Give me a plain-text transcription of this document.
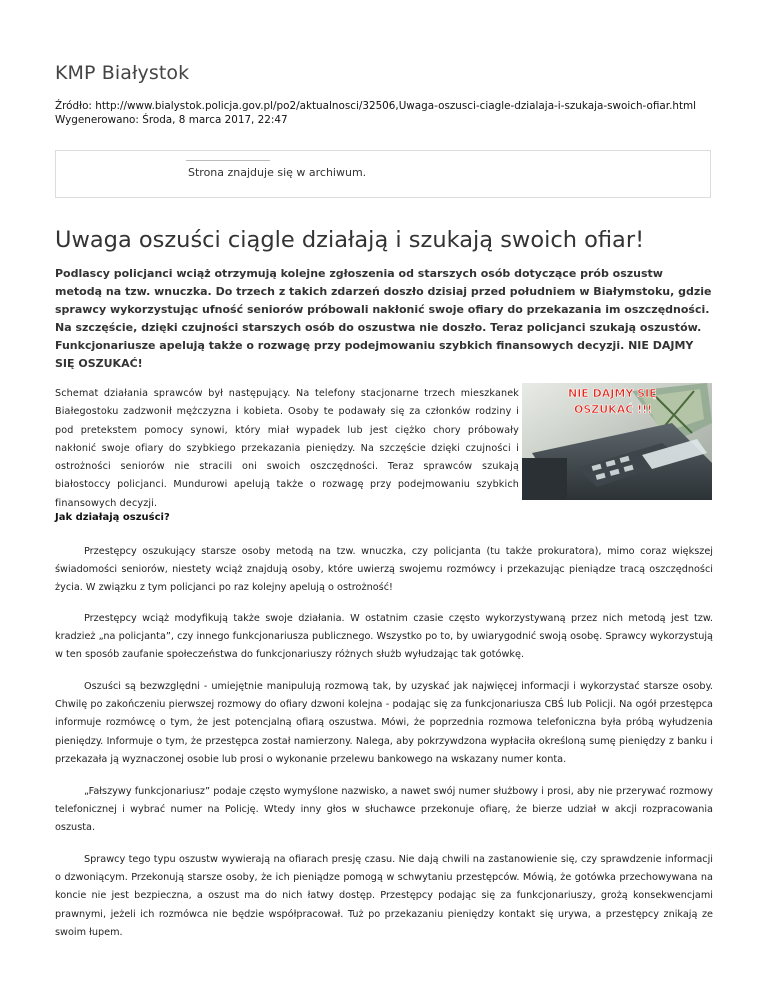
KMP Białystok
Źródło: http://www.bialystok.policja.gov.pl/po2/aktualnosci/32506,Uwaga-oszusci-ciagle-dzialaja-i-szukaja-swoich-ofiar.html
Wygenerowano: Środa, 8 marca 2017, 22:47
Strona znajduje się w archiwum.
Uwaga oszuści ciągle działają i szukają swoich ofiar!

Podlascy policjanci wciąż otrzymują kolejne zgłoszenia od starszych osób dotyczące prób oszustw metodą na tzw. wnuczka. Do trzech z takich zdarzeń doszło dzisiaj przed południem w Białymstoku, gdzie sprawcy wykorzystując ufność seniorów próbowali nakłonić swoje ofiary do przekazania im oszczędności. Na szczęście, dzięki czujności starszych osób do oszustwa nie doszło. Teraz policjanci szukają oszustów. Funkcjonariusze apelują także o rozwagę przy podejmowaniu szybkich finansowych decyzji. NIE DAJMY SIĘ OSZUKAĆ!

Schemat działania sprawców był następujący. Na telefony stacjonarne trzech mieszkanek Białegostoku zadzwonił mężczyzna i kobieta. Osoby te podawały się za członków rodziny i pod pretekstem pomocy synowi, który miał wypadek lub jest ciężko chory próbowały nakłonić swoje ofiary do szybkiego przekazania pieniędzy. Na szczęście dzięki czujności i ostrożności seniorów nie stracili oni swoich oszczędności. Teraz sprawców szukają białostoccy policjanci. Mundurowi apelują także o rozwagę przy podejmowaniu szybkich finansowych decyzji.

NIE DAJMY SIĘ
OSZUKAĆ !!!
Jak działają oszuści?

Przestępcy oszukujący starsze osoby metodą na tzw. wnuczka, czy policjanta (tu także prokuratora), mimo coraz większej świadomości seniorów, niestety wciąż znajdują osoby, które uwierzą swojemu rozmówcy i przekazując pieniądze tracą oszczędności życia. W związku z tym policjanci po raz kolejny apelują o ostrożność!

Przestępcy wciąż modyfikują także swoje działania. W ostatnim czasie często wykorzystywaną przez nich metodą jest tzw. kradzież „na policjanta”, czy innego funkcjonariusza publicznego. Wszystko po to, by uwiarygodnić swoją osobę. Sprawcy wykorzystują w ten sposób zaufanie społeczeństwa do funkcjonariuszy różnych służb wyłudzając tak gotówkę.

Oszuści są bezwzględni - umiejętnie manipulują rozmową tak, by uzyskać jak najwięcej informacji i wykorzystać starsze osoby. Chwilę po zakończeniu pierwszej rozmowy do ofiary dzwoni kolejna - podając się za funkcjonariusza CBŚ lub Policji. Na ogół przestępca informuje rozmówcę o tym, że jest potencjalną ofiarą oszustwa. Mówi, że poprzednia rozmowa telefoniczna była próbą wyłudzenia pieniędzy. Informuje o tym, że przestępca został namierzony. Nalega, aby pokrzywdzona wypłaciła określoną sumę pieniędzy z banku i przekazała ją wyznaczonej osobie lub prosi o wykonanie przelewu bankowego na wskazany numer konta.

„Fałszywy funkcjonariusz” podaje często wymyślone nazwisko, a nawet swój numer służbowy i prosi, aby nie przerywać rozmowy telefonicznej i wybrać numer na Policję. Wtedy inny głos w słuchawce przekonuje ofiarę, że bierze udział w akcji rozpracowania oszusta.

Sprawcy tego typu oszustw wywierają na ofiarach presję czasu. Nie dają chwili na zastanowienie się, czy sprawdzenie informacji o dzwoniącym. Przekonują starsze osoby, że ich pieniądze pomogą w schwytaniu przestępców. Mówią, że gotówka przechowywana na koncie nie jest bezpieczna, a oszust ma do nich łatwy dostęp. Przestępcy podając się za funkcjonariuszy, grożą konsekwencjami prawnymi, jeżeli ich rozmówca nie będzie współpracował. Tuż po przekazaniu pieniędzy kontakt się urywa, a przestępcy znikają ze swoim łupem.
